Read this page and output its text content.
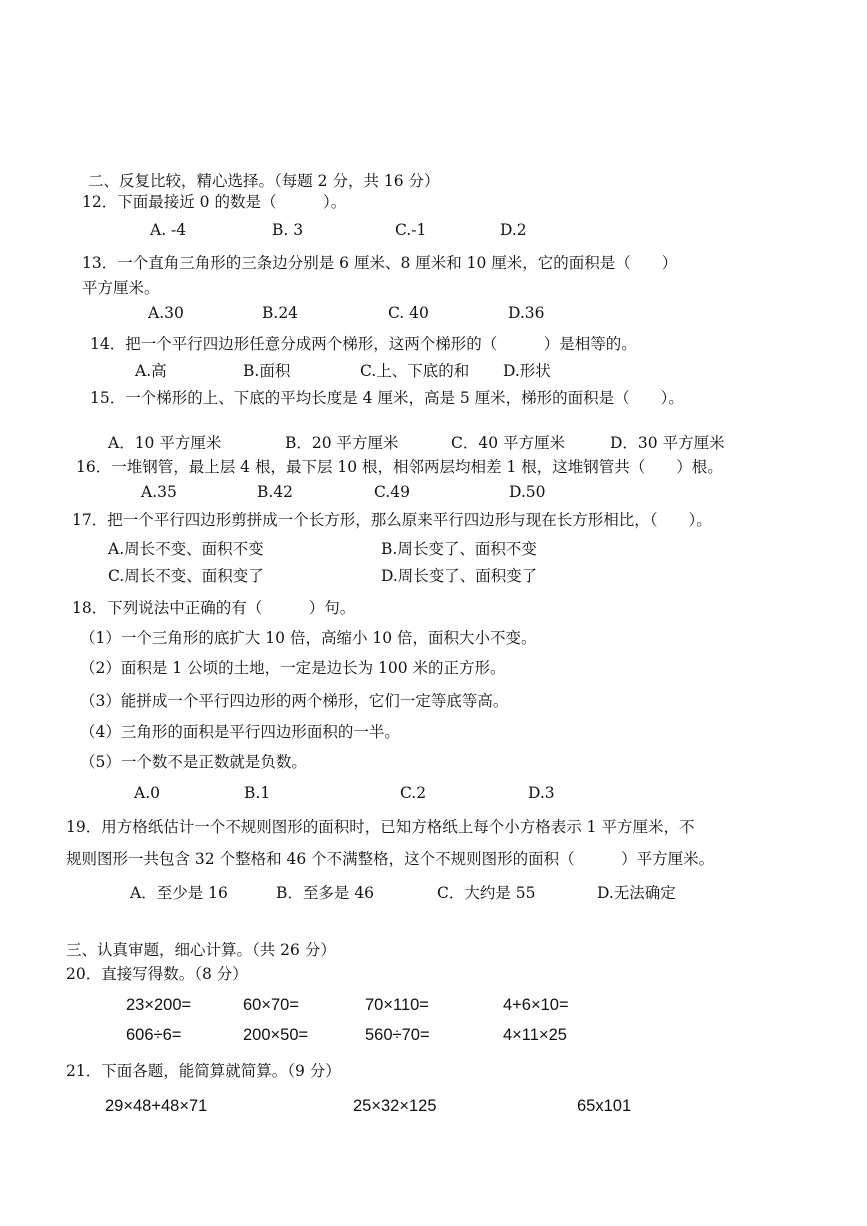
二、反复比较，精心选择。（每题 2 分，共 16 分）
12．下面最接近 0 的数是（　　　）。
A. -4	B. 3	C.-1	D.2
13．一个直角三角形的三条边分别是 6 厘米、8 厘米和 10 厘米，它的面积是（　　）
平方厘米。
A.30	B.24	C. 40	D.36
14．把一个平行四边形任意分成两个梯形，这两个梯形的（　　　）是相等的。
A.高	B.面积	C.上、下底的和 D.形状
15．一个梯形的上、下底的平均长度是 4 厘米，高是 5 厘米，梯形的面积是（　　）。
A．10 平方厘米	B．20 平方厘米	C．40 平方厘米	D．30 平方厘米
16．一堆钢管，最上层 4 根，最下层 10 根，相邻两层均相差 1 根，这堆钢管共（　　）根。
A.35	B.42	C.49	D.50
17．把一个平行四边形剪拼成一个长方形，那么原来平行四边形与现在长方形相比，（　　）。
A.周长不变、面积不变	B.周长变了、面积不变
C.周长不变、面积变了	D.周长变了、面积变了
18．下列说法中正确的有（　　　）句。
（1）一个三角形的底扩大 10 倍，高缩小 10 倍，面积大小不变。
（2）面积是 1 公顷的土地，一定是边长为 100 米的正方形。
（3）能拼成一个平行四边形的两个梯形，它们一定等底等高。
（4）三角形的面积是平行四边形面积的一半。
（5）一个数不是正数就是负数。
A.0	B.1	C.2	D.3
19．用方格纸估计一个不规则图形的面积时，已知方格纸上每个小方格表示 1 平方厘米，不
规则图形一共包含 32 个整格和 46 个不满整格，这个不规则图形的面积（　　　）平方厘米。
A．至少是 16	B．至多是 46	C．大约是 55	D.无法确定
三、认真审题，细心计算。（共 26 分）
20．直接写得数。（8 分）
23×200=	60×70=	70×110=	4+6×10=
606÷6=	200×50=	560÷70=	4×11×25
21．下面各题，能简算就简算。（9 分）
29×48+48×71	25×32×125	65x101
